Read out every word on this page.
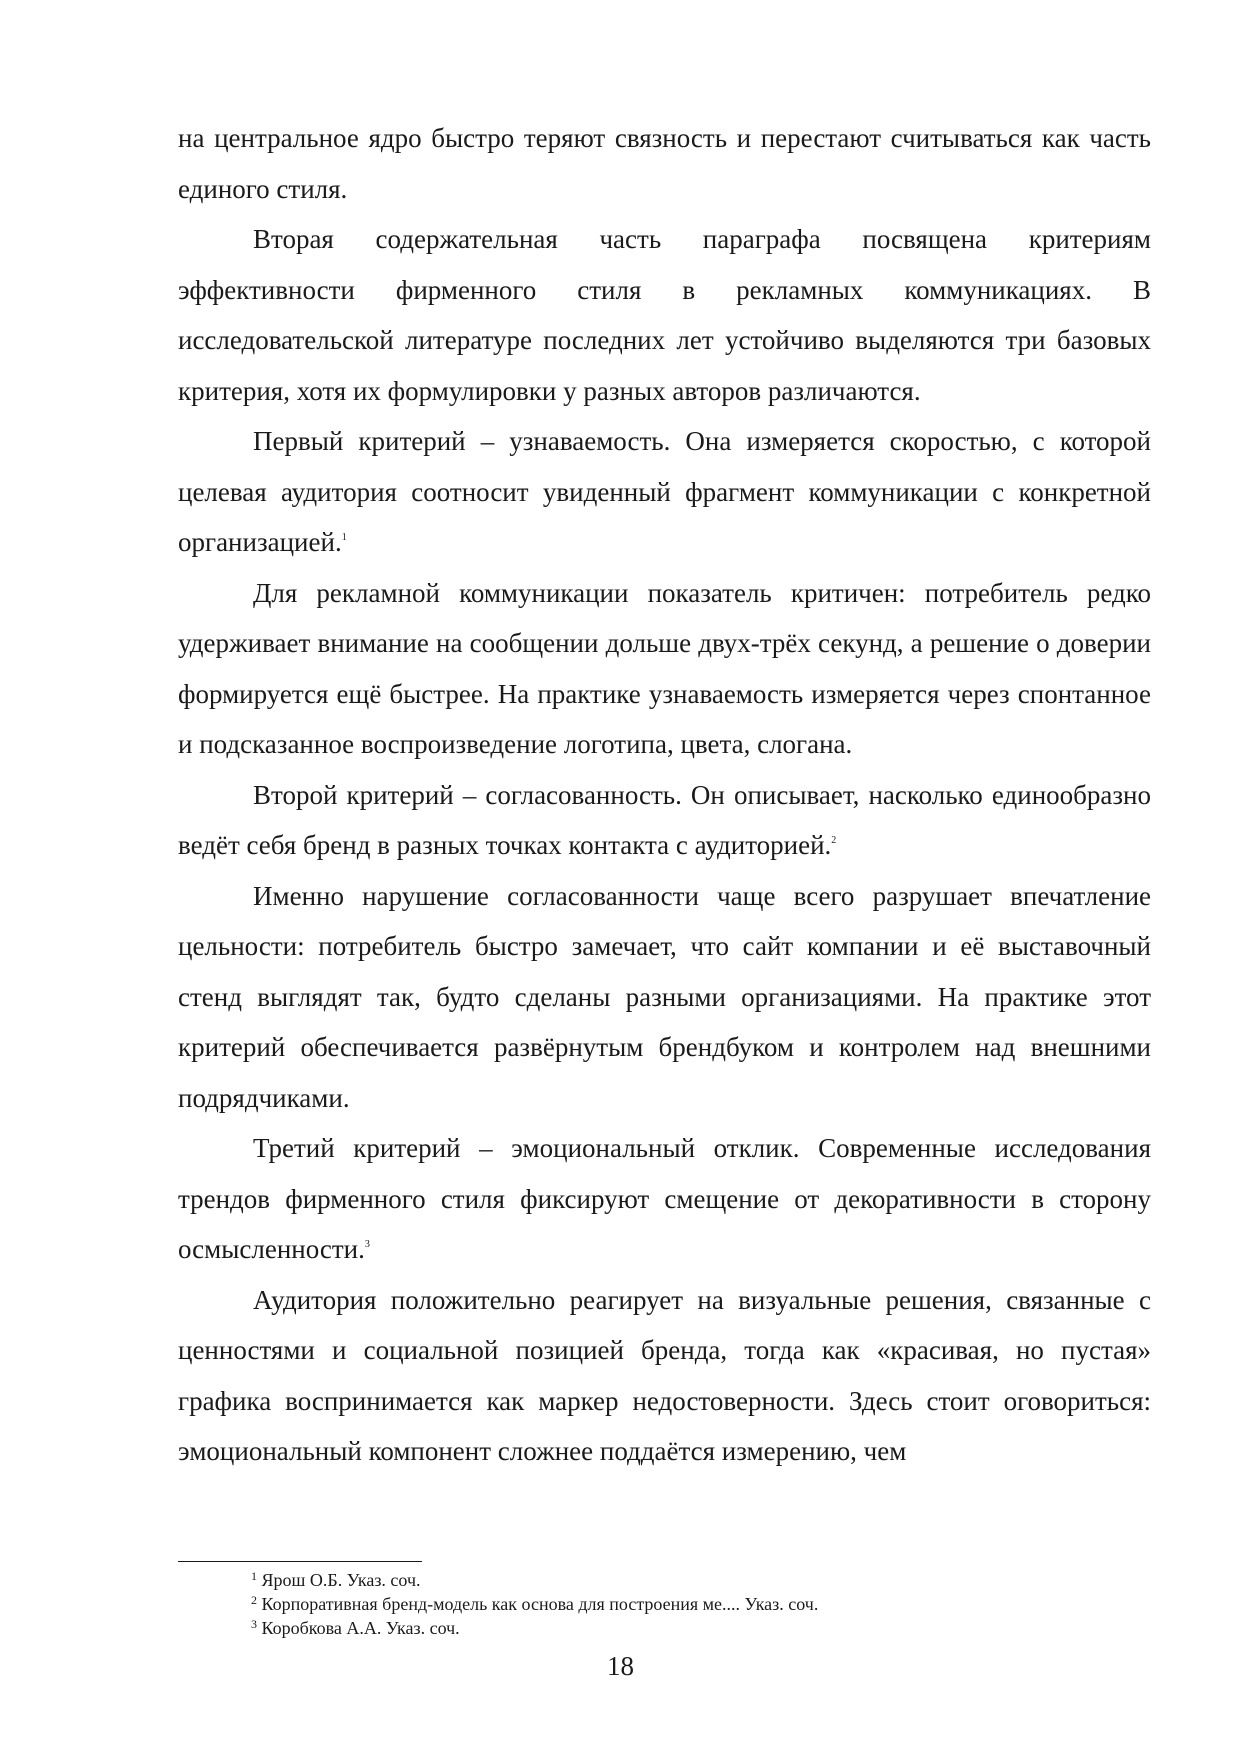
на центральное ядро быстро теряют связность и перестают считываться как часть единого стиля.

Вторая содержательная часть параграфа посвящена критериям эффективности фирменного стиля в рекламных коммуникациях. В исследовательской литературе последних лет устойчиво выделяются три базовых критерия, хотя их формулировки у разных авторов различаются.

Первый критерий – узнаваемость. Она измеряется скоростью, с которой целевая аудитория соотносит увиденный фрагмент коммуникации с конкретной организацией.$^1$

Для рекламной коммуникации показатель критичен: потребитель редко удерживает внимание на сообщении дольше двух-трёх секунд, а решение о доверии формируется ещё быстрее. На практике узнаваемость измеряется через спонтанное и подсказанное воспроизведение логотипа, цвета, слогана.

Второй критерий – согласованность. Он описывает, насколько единообразно ведёт себя бренд в разных точках контакта с аудиторией.$^2$

Именно нарушение согласованности чаще всего разрушает впечатление цельности: потребитель быстро замечает, что сайт компании и её выставочный стенд выглядят так, будто сделаны разными организациями. На практике этот критерий обеспечивается развёрнутым брендбуком и контролем над внешними подрядчиками.

Третий критерий – эмоциональный отклик. Современные исследования трендов фирменного стиля фиксируют смещение от декоративности в сторону осмысленности.$^3$

Аудитория положительно реагирует на визуальные решения, связанные с ценностями и социальной позицией бренда, тогда как «красивая, но пустая» графика воспринимается как маркер недостоверности. Здесь стоит оговориться: эмоциональный компонент сложнее поддаётся измерению, чем

$^1$ Ярош О.Б. Указ. соч.

$^2$ Корпоративная бренд-модель как основа для построения ме.... Указ. соч.

$^3$ Коробкова А.А. Указ. соч.

18
